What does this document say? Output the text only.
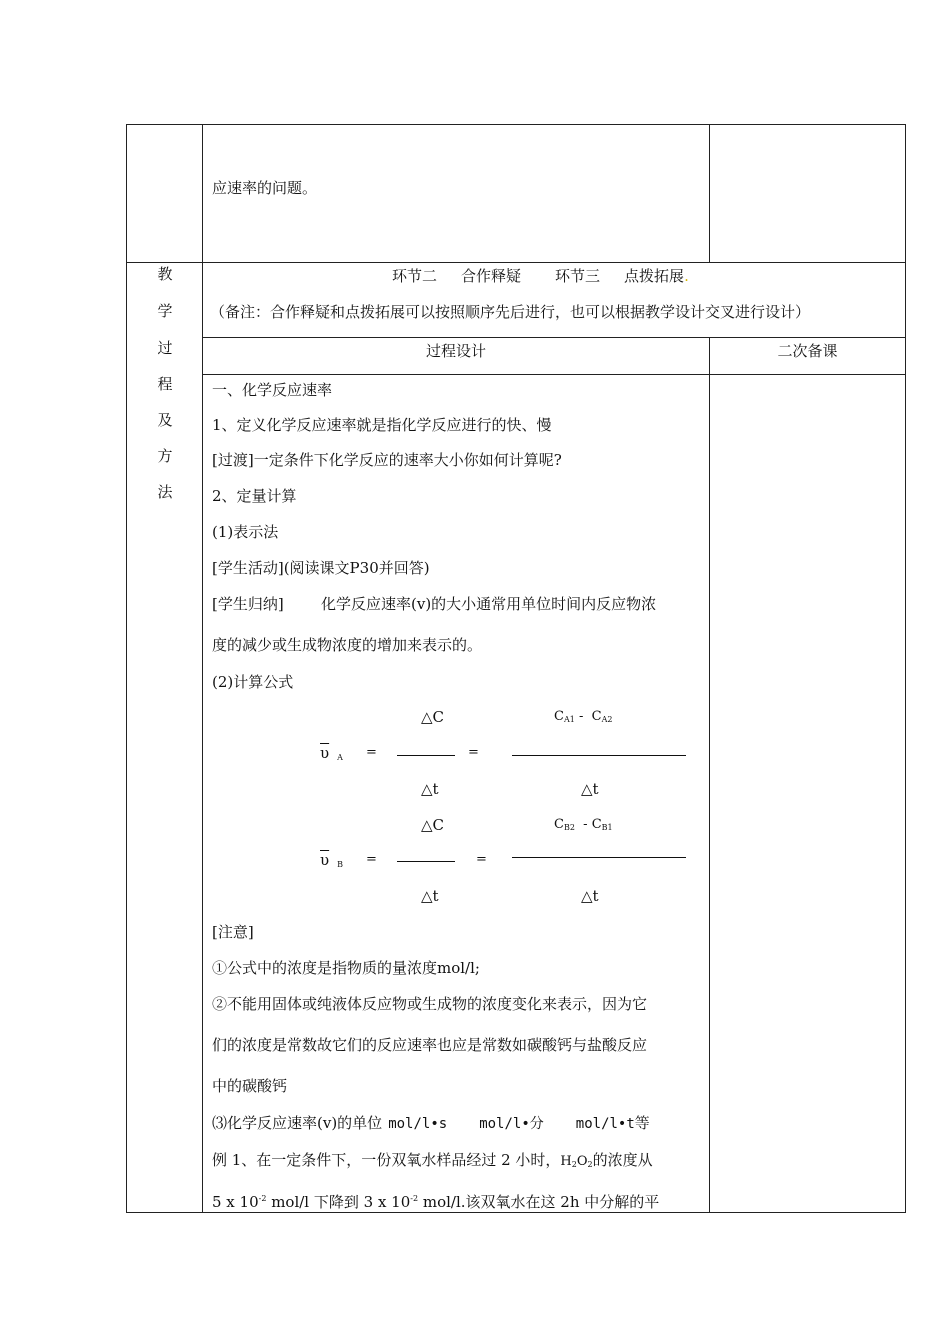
应速率的问题。
教
学
过
程
及
方
法
环节二 合作释疑 环节三 点拨拓展.
（备注：合作释疑和点拨拓展可以按照顺序先后进行，也可以根据教学设计交叉进行设计）
过程设计	二次备课
一、化学反应速率
1、定义化学反应速率就是指化学反应进行的快、慢
[过渡]一定条件下化学反应的速率大小你如何计算呢?
2、定量计算
(1)表示法
[学生活动](阅读课文P30并回答)
[学生归纳] 化学反应速率(v)的大小通常用单位时间内反应物浓
度的减少或生成物浓度的增加来表示的。
(2)计算公式
△C	$C_{A1} - C_{A2}$
$\overline{\upsilon}$ $_A$ =	=
△t	△t
△C	$C_{B2} - C_{B1}$
$\overline{\upsilon}$ $_B$ =	=
△t	△t
[注意]
①公式中的浓度是指物质的量浓度mol/l;
②不能用固体或纯液体反应物或生成物的浓度变化来表示，因为它
们的浓度是常数故它们的反应速率也应是常数如碳酸钙与盐酸反应
中的碳酸钙
⑶化学反应速率(v)的单位 mol/l•s mol/l•分 mol/l•t等
例 1、在一定条件下，一份双氧水样品经过 2 小时，$H_2O_2$的浓度从
5 x $10^{-2}$ mol/l 下降到 3 x $10^{-2}$ mol/l.该双氧水在这 2h 中分解的平
